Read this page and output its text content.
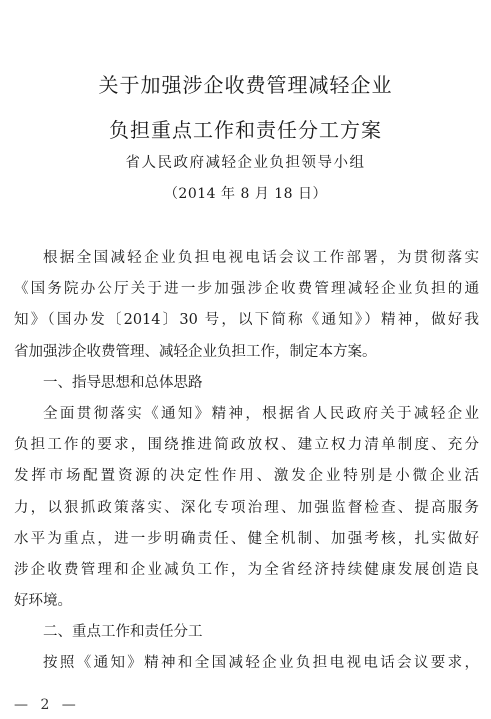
关于加强涉企收费管理减轻企业
负担重点工作和责任分工方案
省人民政府减轻企业负担领导小组
（2014 年 8 月 18 日）
根据全国减轻企业负担电视电话会议工作部署，为贯彻落实
《国务院办公厅关于进一步加强涉企收费管理减轻企业负担的通
知》（国办发〔2014〕30 号，以下简称《通知》）精神，做好我
省加强涉企收费管理、减轻企业负担工作，制定本方案。
一、指导思想和总体思路
全面贯彻落实《通知》精神，根据省人民政府关于减轻企业
负担工作的要求，围绕推进简政放权、建立权力清单制度、充分
发挥市场配置资源的决定性作用、激发企业特别是小微企业活
力，以狠抓政策落实、深化专项治理、加强监督检查、提高服务
水平为重点，进一步明确责任、健全机制、加强考核，扎实做好
涉企收费管理和企业减负工作，为全省经济持续健康发展创造良
好环境。
二、重点工作和责任分工
按照《通知》精神和全国减轻企业负担电视电话会议要求，
— 2 —
